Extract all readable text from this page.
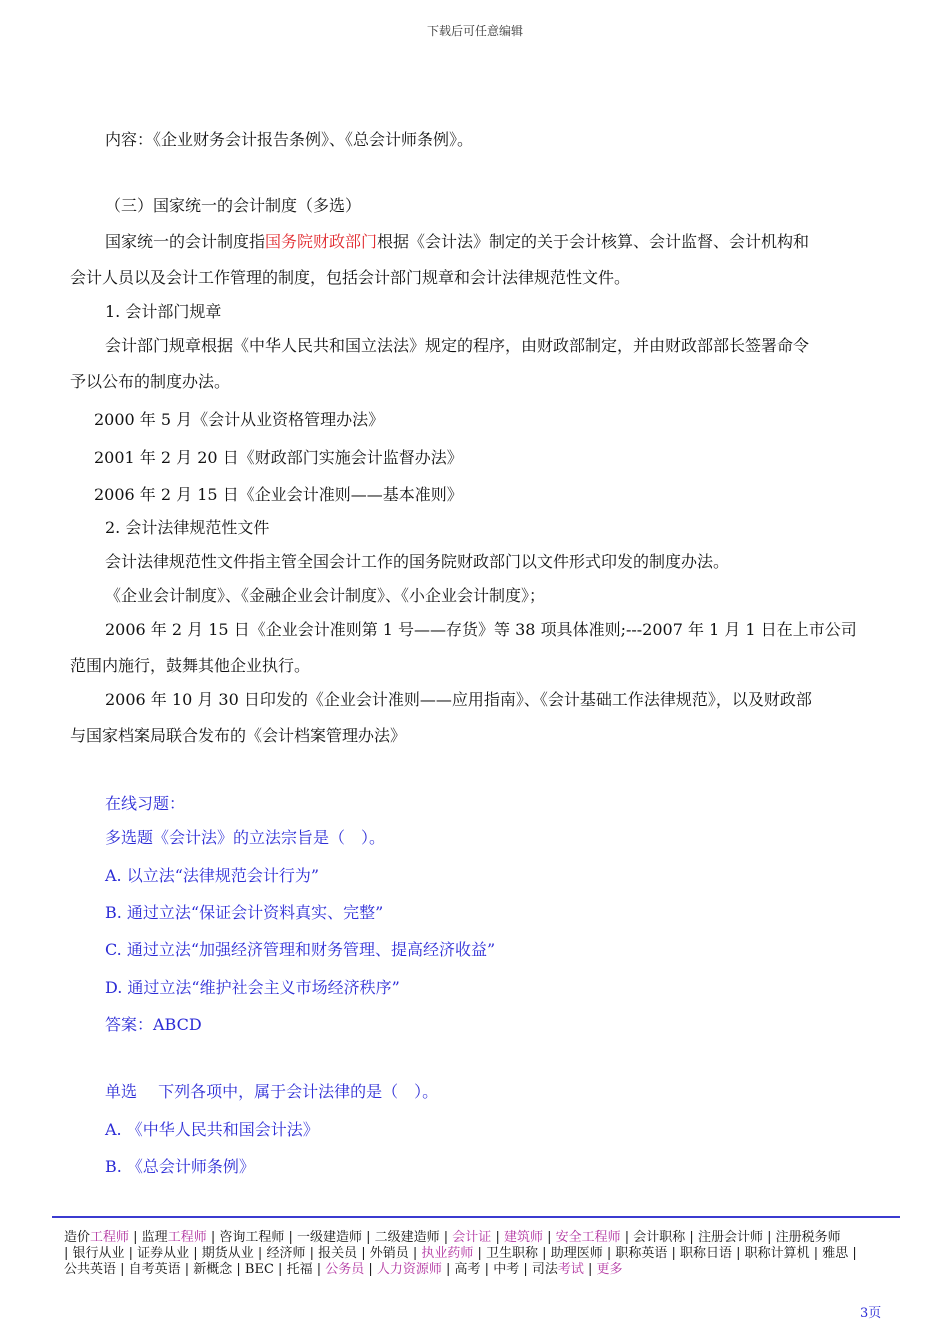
下载后可任意编辑
内容：《企业财务会计报告条例》、《总会计师条例》。
（三）国家统一的会计制度（多选）
国家统一的会计制度指国务院财政部门根据《会计法》制定的关于会计核算、会计监督、会计机构和
会计人员以及会计工作管理的制度，包括会计部门规章和会计法律规范性文件。
1. 会计部门规章
会计部门规章根据《中华人民共和国立法法》规定的程序，由财政部制定，并由财政部部长签署命令
予以公布的制度办法。
2000 年 5 月《会计从业资格管理办法》
2001 年 2 月 20 日《财政部门实施会计监督办法》
2006 年 2 月 15 日《企业会计准则——基本准则》
2. 会计法律规范性文件
会计法律规范性文件指主管全国会计工作的国务院财政部门以文件形式印发的制度办法。
《企业会计制度》、《金融企业会计制度》、《小企业会计制度》；
2006 年 2 月 15 日《企业会计准则第 1 号——存货》等 38 项具体准则;---2007 年 1 月 1 日在上市公司
范围内施行，鼓舞其他企业执行。
2006 年 10 月 30 日印发的《企业会计准则——应用指南》、《会计基础工作法律规范》，以及财政部
与国家档案局联合发布的《会计档案管理办法》
在线习题：
多选题《会计法》的立法宗旨是（　）。
A. 以立法“法律规范会计行为”
B. 通过立法“保证会计资料真实、完整”
C. 通过立法“加强经济管理和财务管理、提高经济收益”
D. 通过立法“维护社会主义市场经济秩序”
答案：ABCD
单选　 下列各项中，属于会计法律的是（　）。
A. 《中华人民共和国会计法》
B. 《总会计师条例》
造价工程师 | 监理工程师 | 咨询工程师 | 一级建造师 | 二级建造师 | 会计证 | 建筑师 | 安全工程师 | 会计职称 | 注册会计师 | 注册税务师
| 银行从业 | 证券从业 | 期货从业 | 经济师 | 报关员 | 外销员 | 执业药师 | 卫生职称 | 助理医师 | 职称英语 | 职称日语 | 职称计算机 | 雅思 |
公共英语 | 自考英语 | 新概念 | BEC | 托福 | 公务员 | 人力资源师 | 高考 | 中考 | 司法考试 | 更多
3页
